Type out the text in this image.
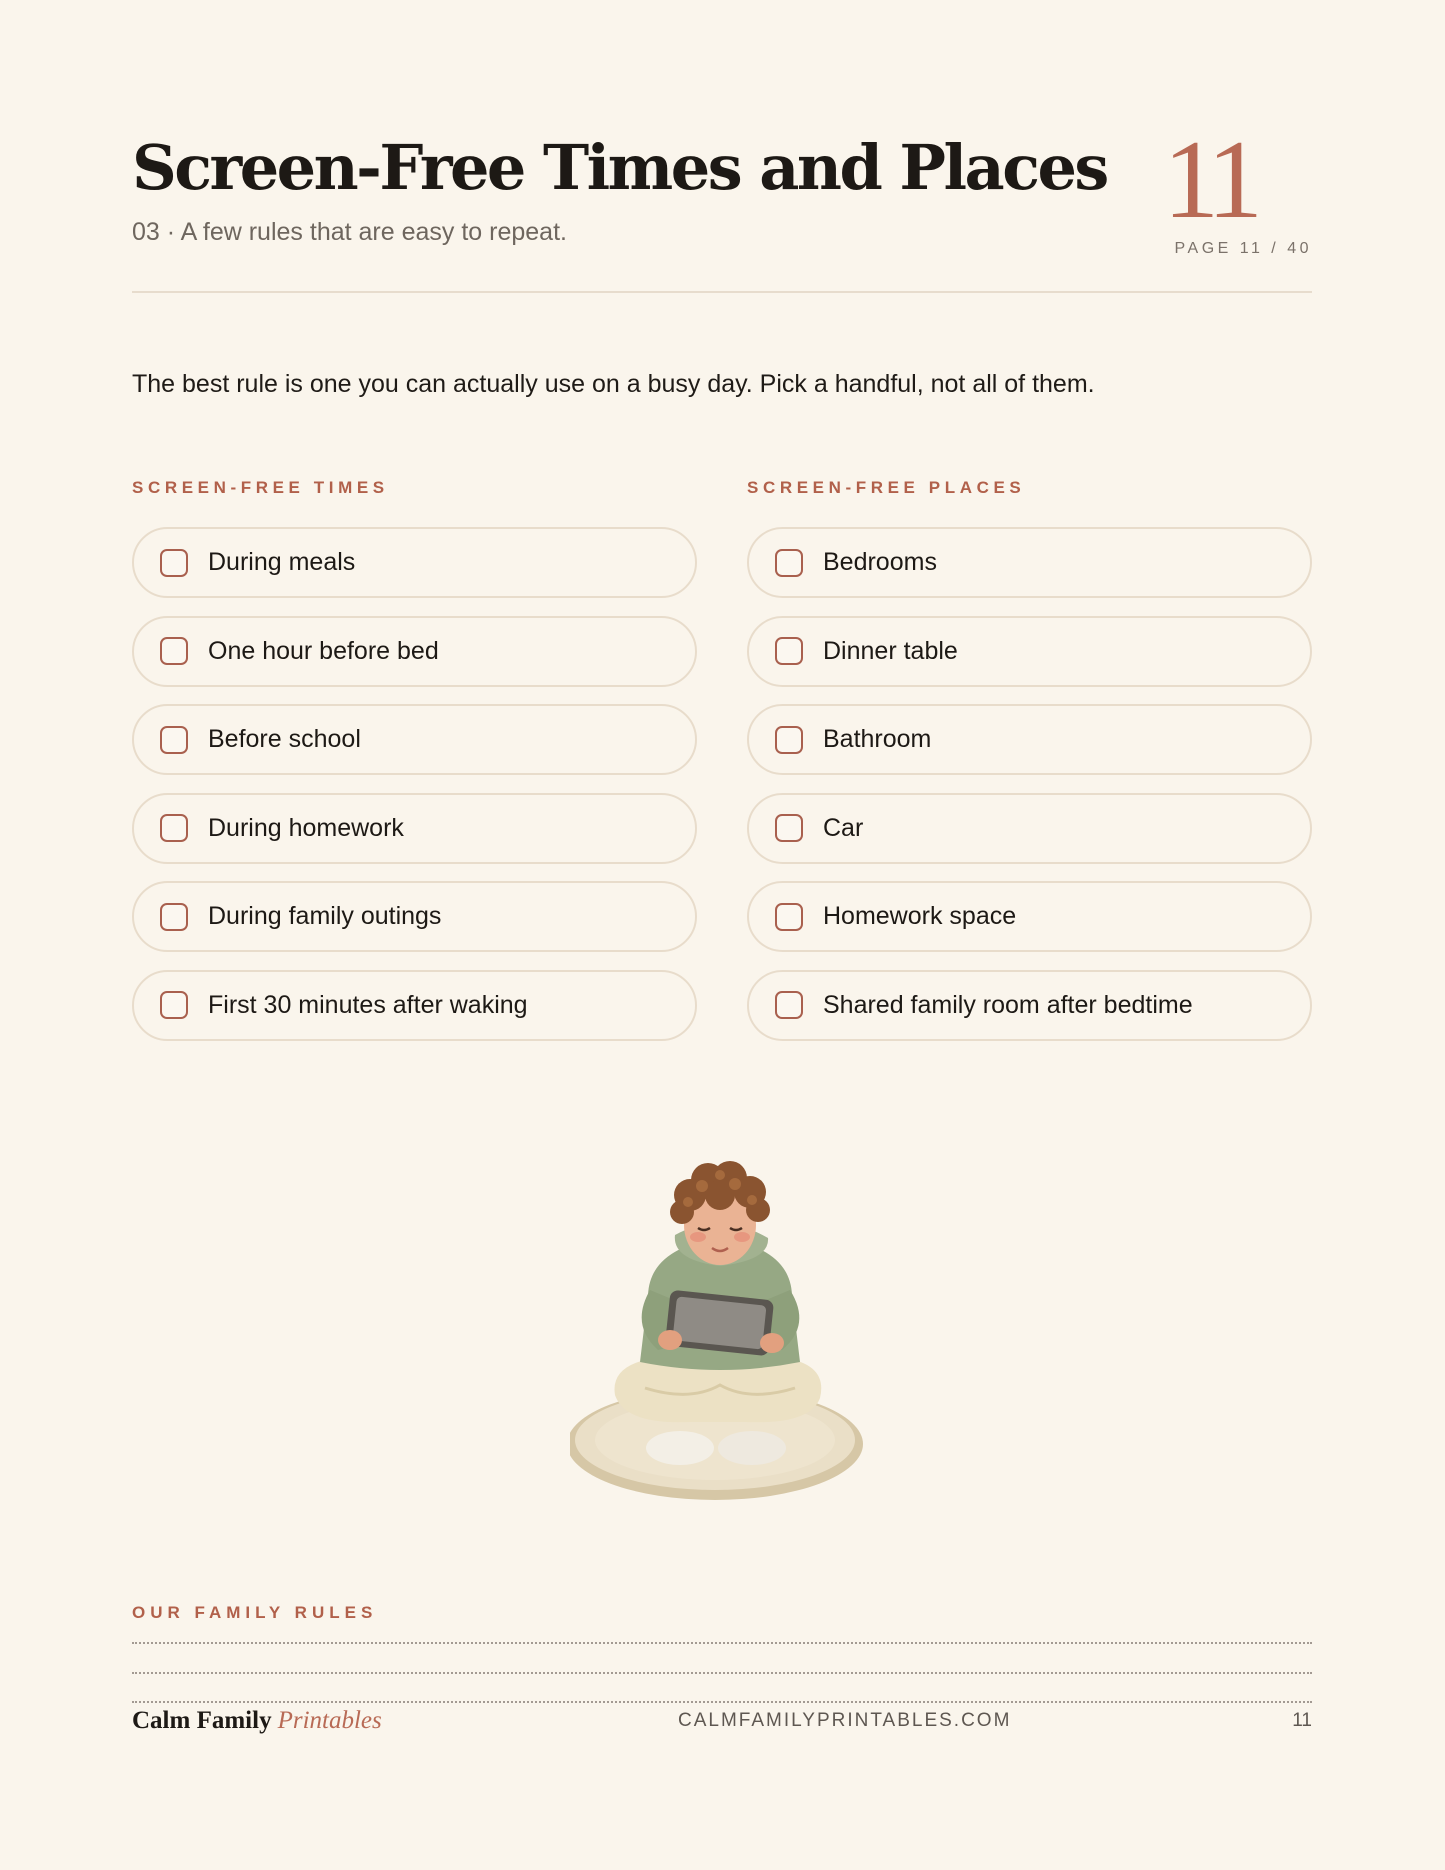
Screen-Free Times and Places

03 · A few rules that are easy to repeat.	11
PAGE 11 / 40
The best rule is one you can actually use on a busy day. Pick a handful, not all of them.
SCREEN-FREE TIMES
During meals
One hour before bed
Before school
During homework
During family outings
First 30 minutes after waking
SCREEN-FREE PLACES
Bedrooms
Dinner table
Bathroom
Car
Homework space
Shared family room after bedtime
OUR FAMILY RULES
Calm Family Printables	CALMFAMILYPRINTABLES.COM	11
